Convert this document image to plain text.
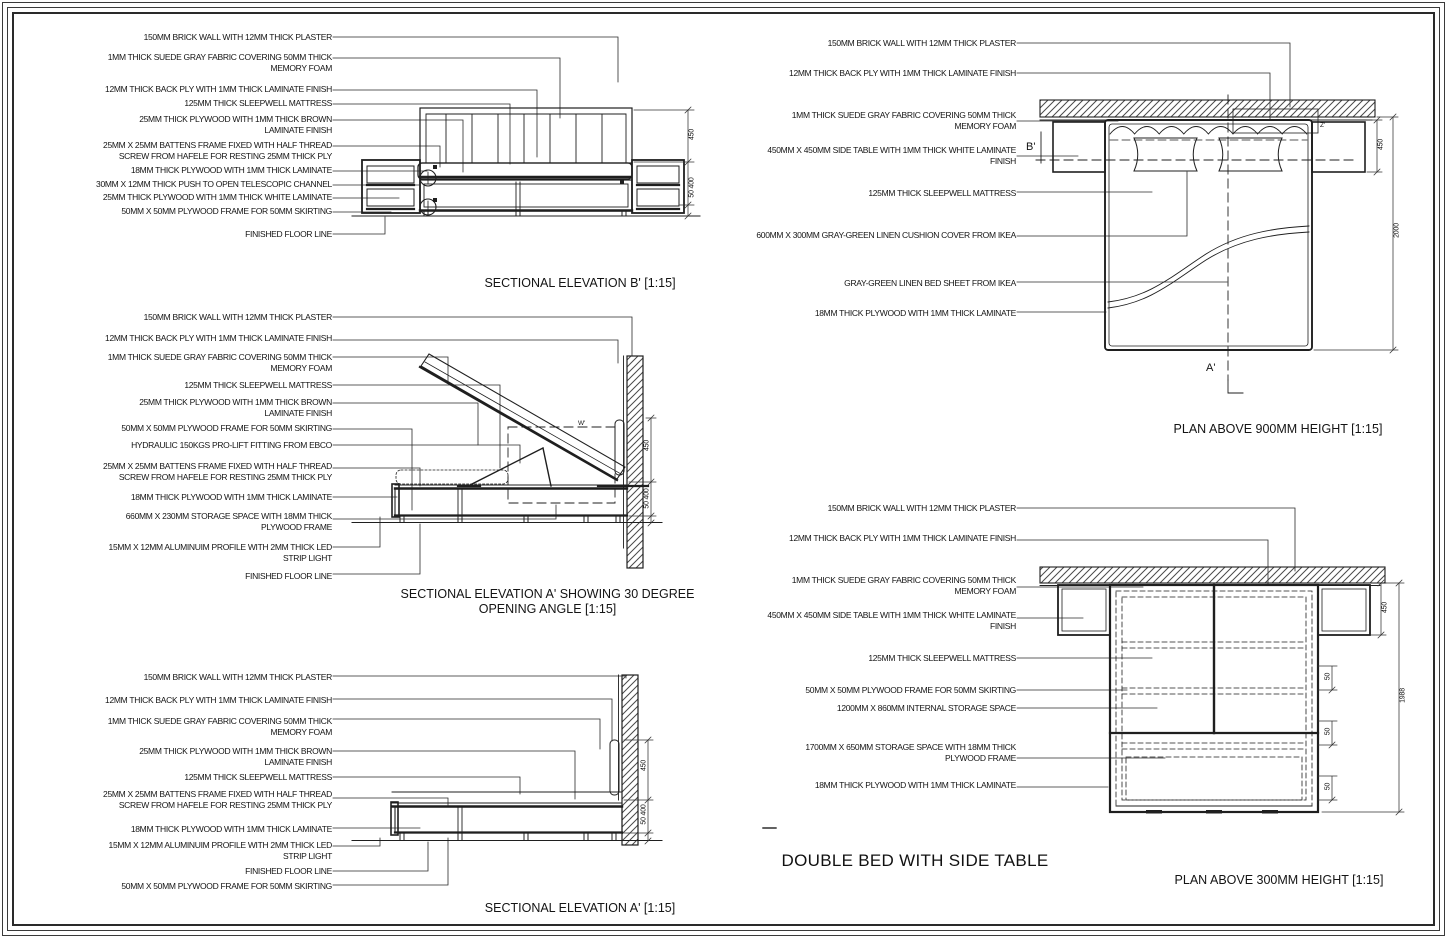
150MM BRICK WALL WITH 12MM THICK PLASTER
1MM THICK SUEDE GRAY FABRIC COVERING 50MM THICK MEMORY FOAM
12MM THICK BACK PLY WITH 1MM THICK LAMINATE FINISH
125MM THICK SLEEPWELL MATTRESS
25MM THICK PLYWOOD WITH 1MM THICK BROWN LAMINATE FINISH
25MM X 25MM BATTENS FRAME FIXED WITH HALF THREAD SCREW FROM HAFELE FOR RESTING 25MM THICK PLY
18MM THICK PLYWOOD WITH 1MM THICK LAMINATE
30MM X 12MM THICK PUSH TO OPEN TELESCOPIC CHANNEL
25MM THICK PLYWOOD WITH 1MM THICK WHITE LAMINATE
50MM X 50MM PLYWOOD FRAME FOR 50MM SKIRTING
FINISHED FLOOR LINE
150MM BRICK WALL WITH 12MM THICK PLASTER
12MM THICK BACK PLY WITH 1MM THICK LAMINATE FINISH
1MM THICK SUEDE GRAY FABRIC COVERING 50MM THICK MEMORY FOAM
125MM THICK SLEEPWELL MATTRESS
25MM THICK PLYWOOD WITH 1MM THICK BROWN LAMINATE FINISH
50MM X 50MM PLYWOOD FRAME FOR 50MM SKIRTING
HYDRAULIC 150KGS PRO-LIFT FITTING FROM EBCO
25MM X 25MM BATTENS FRAME FIXED WITH HALF THREAD SCREW FROM HAFELE FOR RESTING 25MM THICK PLY
18MM THICK PLYWOOD WITH 1MM THICK LAMINATE
660MM X 230MM STORAGE SPACE WITH 18MM THICK PLYWOOD FRAME
15MM X 12MM ALUMINUIM PROFILE WITH 2MM THICK LED STRIP LIGHT
FINISHED FLOOR LINE
150MM BRICK WALL WITH 12MM THICK PLASTER
12MM THICK BACK PLY WITH 1MM THICK LAMINATE FINISH
1MM THICK SUEDE GRAY FABRIC COVERING 50MM THICK MEMORY FOAM
25MM THICK PLYWOOD WITH 1MM THICK BROWN LAMINATE FINISH
125MM THICK SLEEPWELL MATTRESS
25MM X 25MM BATTENS FRAME FIXED WITH HALF THREAD SCREW FROM HAFELE FOR RESTING 25MM THICK PLY
18MM THICK PLYWOOD WITH 1MM THICK LAMINATE
15MM X 12MM ALUMINUIM PROFILE WITH 2MM THICK LED STRIP LIGHT
FINISHED FLOOR LINE
50MM X 50MM PLYWOOD FRAME FOR 50MM SKIRTING
150MM BRICK WALL WITH 12MM THICK PLASTER
12MM THICK BACK PLY WITH 1MM THICK LAMINATE FINISH
1MM THICK SUEDE GRAY FABRIC COVERING 50MM THICK MEMORY FOAM
450MM X 450MM SIDE TABLE WITH 1MM THICK WHITE LAMINATE FINISH
125MM THICK SLEEPWELL MATTRESS
600MM X 300MM GRAY-GREEN LINEN CUSHION COVER FROM IKEA
GRAY-GREEN LINEN BED SHEET FROM IKEA
18MM THICK PLYWOOD WITH 1MM THICK LAMINATE
150MM BRICK WALL WITH 12MM THICK PLASTER
12MM THICK BACK PLY WITH 1MM THICK LAMINATE FINISH
1MM THICK SUEDE GRAY FABRIC COVERING 50MM THICK MEMORY FOAM
450MM X 450MM SIDE TABLE WITH 1MM THICK WHITE LAMINATE FINISH
125MM THICK SLEEPWELL MATTRESS
50MM X 50MM PLYWOOD FRAME FOR 50MM SKIRTING
1200MM X 860MM INTERNAL STORAGE SPACE
1700MM X 650MM STORAGE SPACE WITH 18MM THICK PLYWOOD FRAME
18MM THICK PLYWOOD WITH 1MM THICK LAMINATE
SECTIONAL ELEVATION B' [1:15]
SECTIONAL ELEVATION A' SHOWING 30 DEGREE OPENING ANGLE [1:15]
SECTIONAL ELEVATION A' [1:15]
PLAN ABOVE 900MM HEIGHT [1:15]
PLAN ABOVE 300MM HEIGHT [1:15]
DOUBLE BED WITH SIDE TABLE
450
50 400
450
50 400
450
50 400
450
2000
450
50
50
50
1988
B'
A'
Z'
W'
